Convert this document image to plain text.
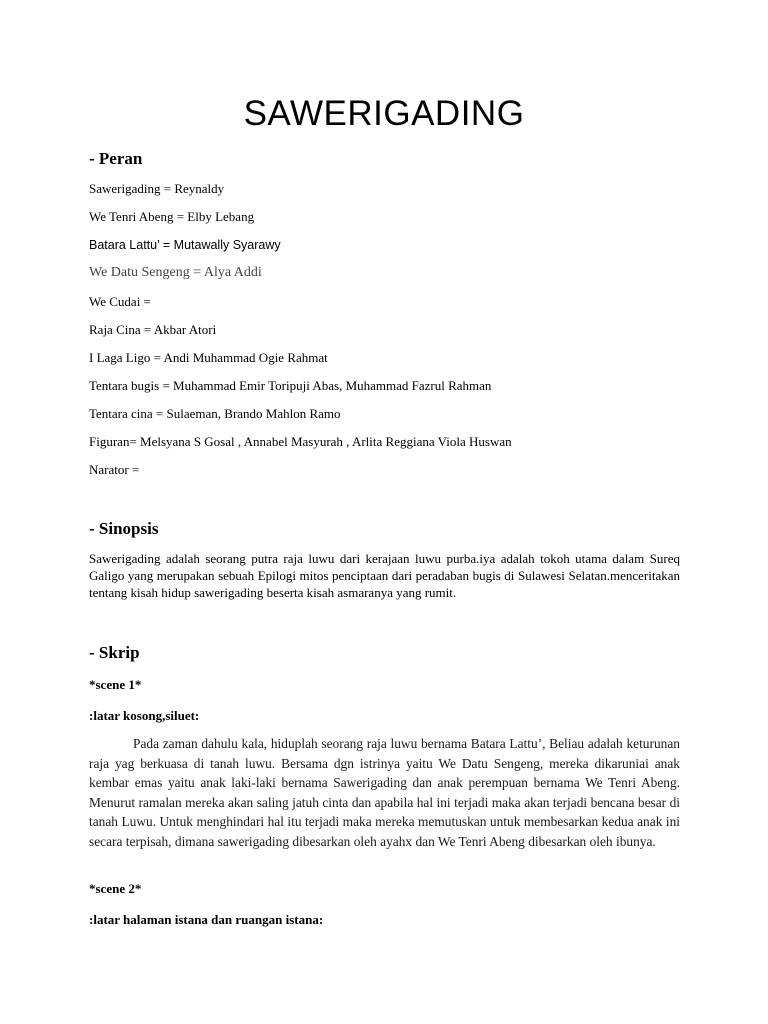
SAWERIGADING
- Peran
Sawerigading = Reynaldy
We Tenri Abeng = Elby Lebang
Batara Lattu’ = Mutawally Syarawy
We Datu Sengeng = Alya Addi
We Cudai =
Raja Cina = Akbar Atori
I Laga Ligo = Andi Muhammad Ogie Rahmat
Tentara bugis = Muhammad Emir Toripuji Abas, Muhammad Fazrul Rahman
Tentara cina = Sulaeman, Brando Mahlon Ramo
Figuran= Melsyana S Gosal , Annabel Masyurah , Arlita Reggiana Viola Huswan
Narator =
- Sinopsis
Sawerigading adalah seorang putra raja luwu dari kerajaan luwu purba.iya adalah tokoh utama dalam Sureq Galigo yang merupakan sebuah Epilogi mitos penciptaan dari peradaban bugis di Sulawesi Selatan.menceritakan tentang kisah hidup sawerigading beserta kisah asmaranya yang rumit.
- Skrip
*scene 1*
:latar kosong,siluet:
Pada zaman dahulu kala, hiduplah seorang raja luwu bernama Batara Lattu’, Beliau adalah keturunan raja yag berkuasa di tanah luwu. Bersama dgn istrinya yaitu We Datu Sengeng, mereka dikaruniai anak kembar emas yaitu anak laki-laki bernama Sawerigading dan anak perempuan bernama We Tenri Abeng. Menurut ramalan mereka akan saling jatuh cinta dan apabila hal ini terjadi maka akan terjadi bencana besar di tanah Luwu. Untuk menghindari hal itu terjadi maka mereka memutuskan untuk membesarkan kedua anak ini secara terpisah, dimana sawerigading dibesarkan oleh ayahx dan We Tenri Abeng dibesarkan oleh ibunya.
*scene 2*
:latar halaman istana dan ruangan istana:
